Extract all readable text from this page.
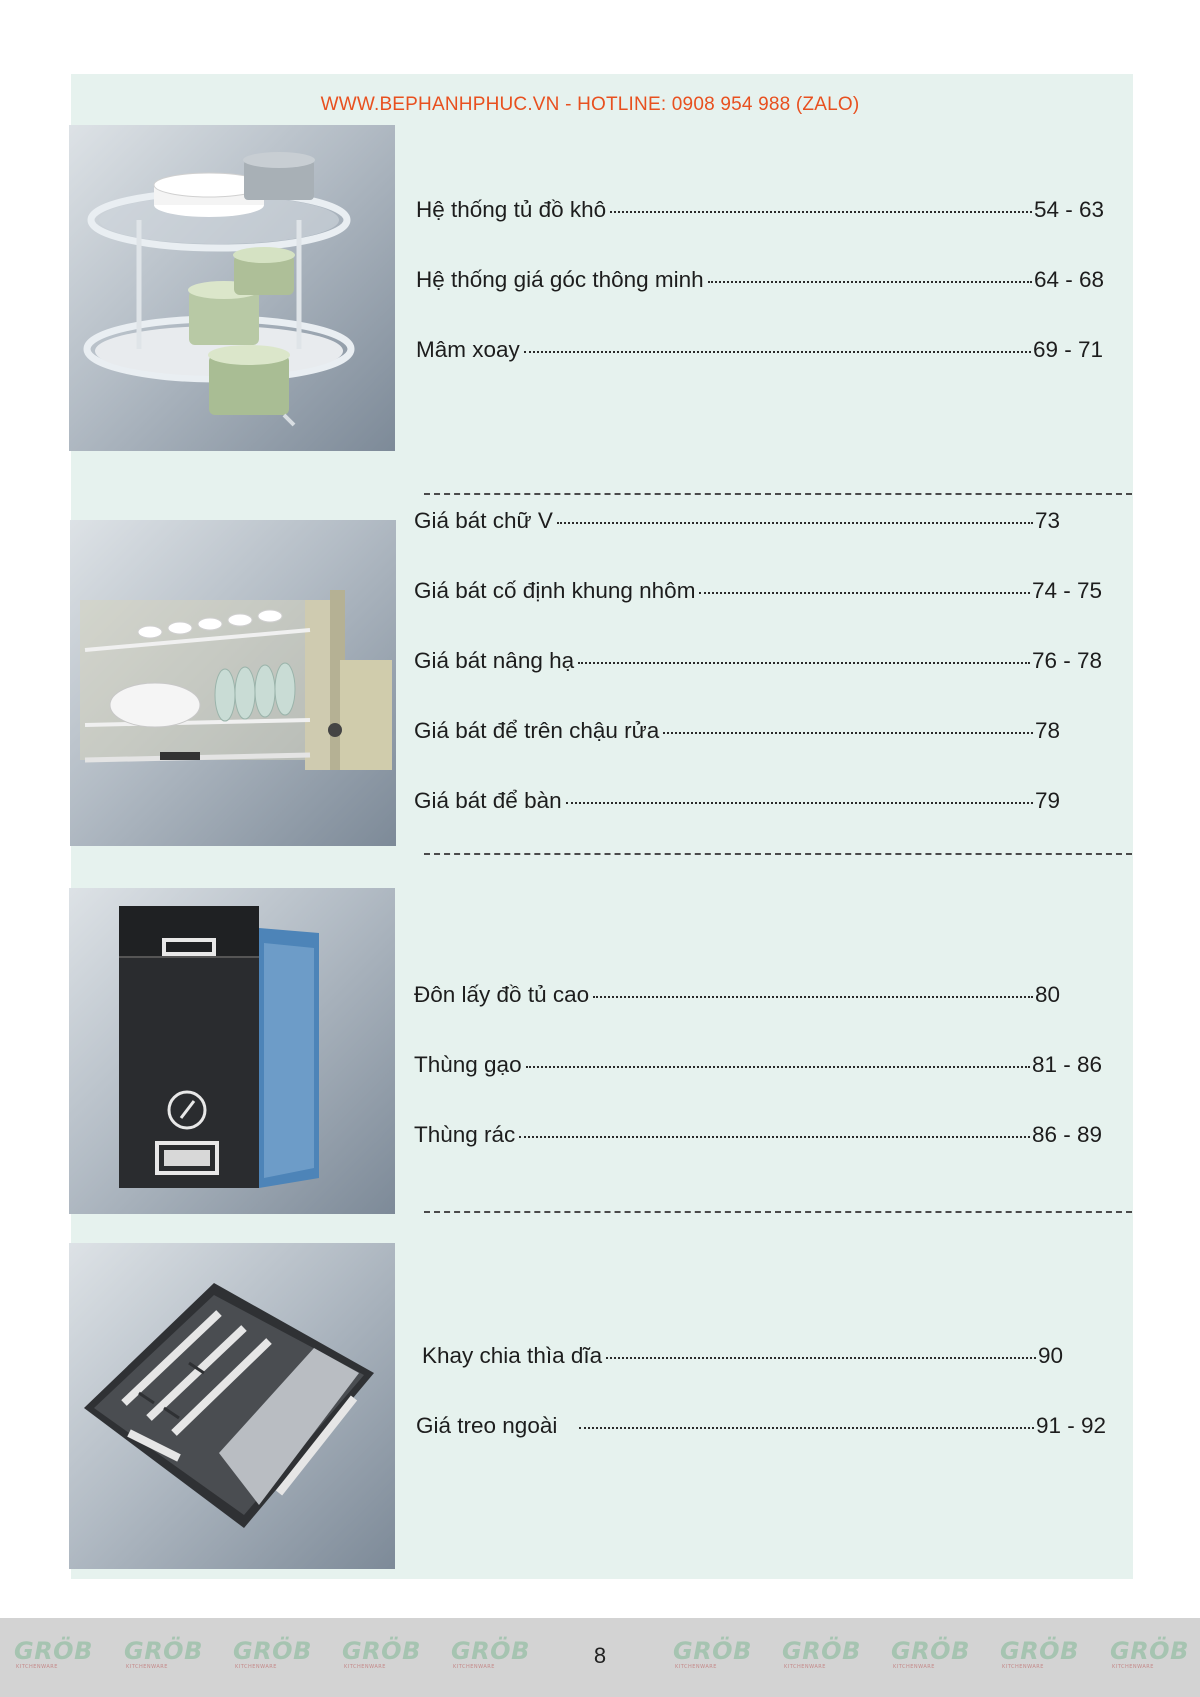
WWW.BEPHANHPHUC.VN - HOTLINE: 0908 954 988 (ZALO)
Hệ thống tủ đồ khô	54 - 63
Hệ thống giá góc thông minh	64 - 68
Mâm xoay	69 - 71
Giá bát chữ V	73
Giá bát cố định khung nhôm	74 - 75
Giá bát nâng hạ	76 - 78
Giá bát để trên chậu rửa	78
Giá bát để bàn	79
Đôn lấy đồ tủ cao	80
Thùng gạo	81 - 86
Thùng rác	86 - 89
Khay chia thìa dĩa	90
Giá treo ngoài	91 - 92
GRÖB
KITCHENWARE
GRÖB
KITCHENWARE
GRÖB
KITCHENWARE
GRÖB
KITCHENWARE
GRÖB
KITCHENWARE
GRÖB
KITCHENWARE
GRÖB
KITCHENWARE
GRÖB
KITCHENWARE
GRÖB
KITCHENWARE
GRÖB
KITCHENWARE
8
